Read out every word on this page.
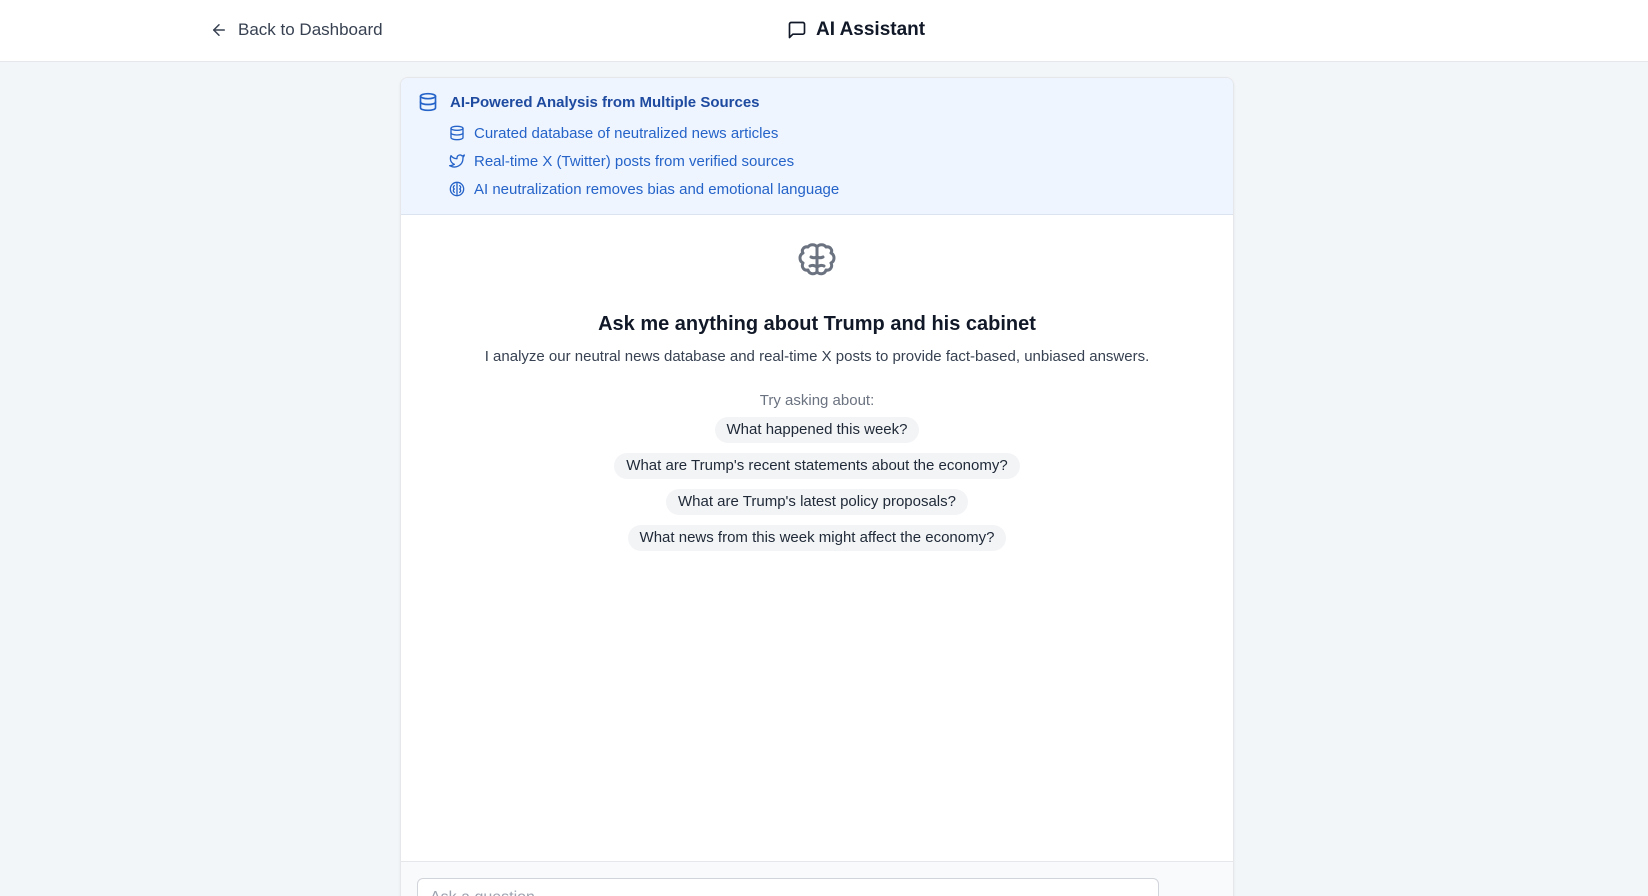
Back to Dashboard	AI Assistant
AI-Powered Analysis from Multiple Sources
Curated database of neutralized news articles
Real-time X (Twitter) posts from verified sources
AI neutralization removes bias and emotional language
Ask me anything about Trump and his cabinet

I analyze our neutral news database and real-time X posts to provide fact-based, unbiased answers.

Try asking about:

What happened this week?
What are Trump's recent statements about the economy?
What are Trump's latest policy proposals?
What news from this week might affect the economy?
Ask a question...
